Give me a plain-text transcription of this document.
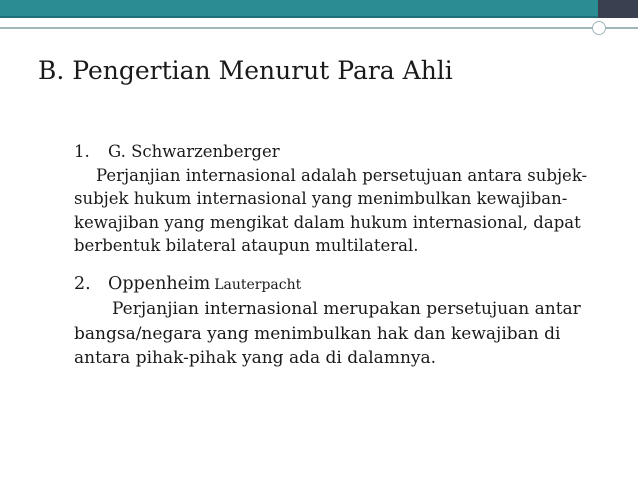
B. Pengertian Menurut Para Ahli
1. G. Schwarzenberger
Perjanjian internasional adalah persetujuan antara subjek-subjek hukum internasional yang menimbulkan kewajiban-kewajiban yang mengikat dalam hukum internasional, dapat berbentuk bilateral ataupun multilateral.
2. Oppenheim Lauterpacht
Perjanjian internasional merupakan persetujuan antar bangsa/negara yang menimbulkan hak dan kewajiban di antara pihak-pihak yang ada di dalamnya.
